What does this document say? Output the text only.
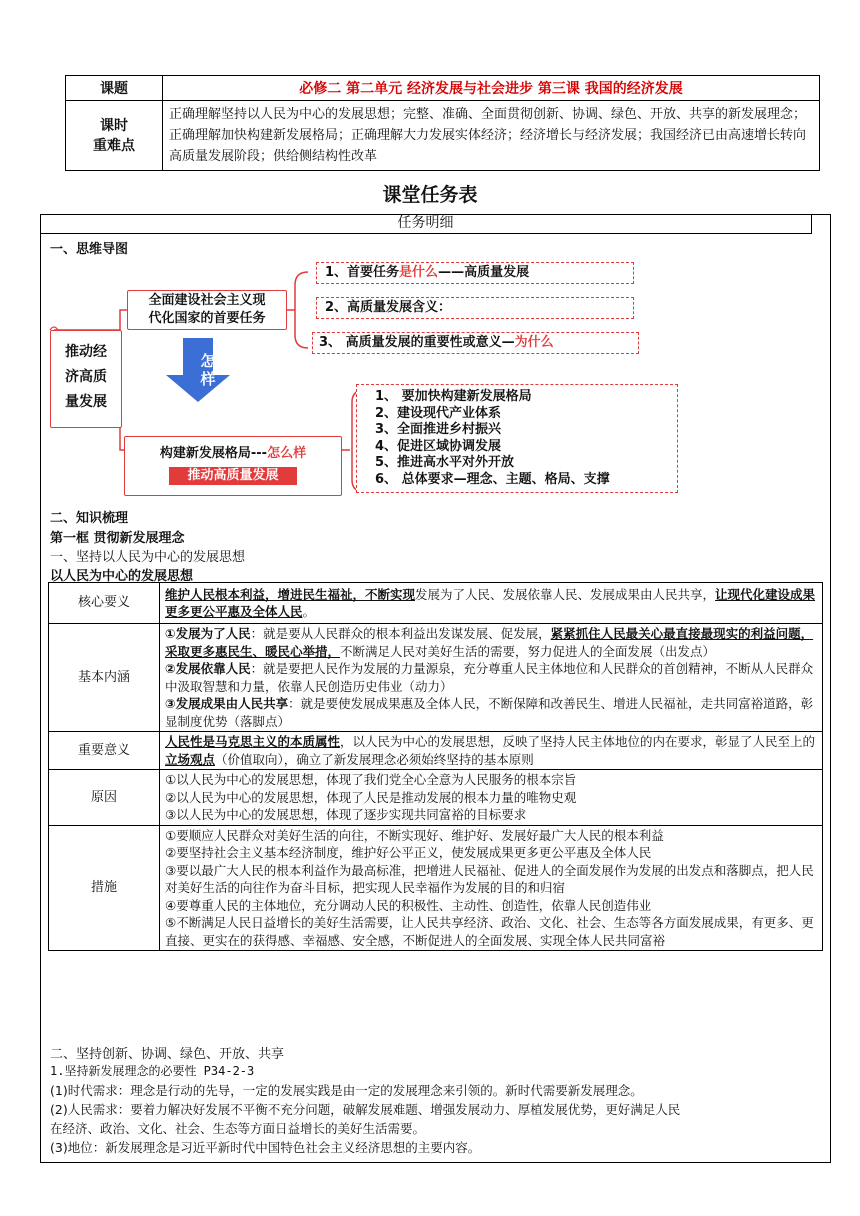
课题	必修二 第二单元 经济发展与社会进步 第三课 我国的经济发展

课时
重难点	正确理解坚持以人民为中心的发展思想；完整、准确、全面贯彻创新、协调、绿色、开放、共享的新发展理念；正确理解加快构建新发展格局；正确理解大力发展实体经济；经济增长与经济发展；我国经济已由高速增长转向高质量发展阶段；供给侧结构性改革
课堂任务表
任务明细
一、思维导图
推动经
济高质
量发展
全面建设社会主义现
代化国家的首要任务
1、首要任务是什么——高质量发展
2、高质量发展含义：
3、 高质量发展的重要性或意义—为什么
怎
样
构建新发展格局---怎么样
推动高质量发展
1、 要加快构建新发展格局
2、建设现代产业体系
3、全面推进乡村振兴
4、促进区域协调发展
5、推进高水平对外开放
6、 总体要求—理念、主题、格局、支撑
二、知识梳理
第一框 贯彻新发展理念
一、坚持以人民为中心的发展思想
以人民为中心的发展思想
核心要义	维护人民根本利益，增进民生福祉，不断实现发展为了人民、发展依靠人民、发展成果由人民共享，让现代化建设成果更多更公平惠及全体人民。
基本内涵	①发展为了人民：就是要从人民群众的根本利益出发谋发展、促发展，紧紧抓住人民最关心最直接最现实的利益问题，采取更多惠民生、暖民心举措，不断满足人民对美好生活的需要，努力促进人的全面发展（出发点）
②发展依靠人民：就是要把人民作为发展的力量源泉，充分尊重人民主体地位和人民群众的首创精神，不断从人民群众中汲取智慧和力量，依靠人民创造历史伟业（动力）
③发展成果由人民共享：就是要使发展成果惠及全体人民，不断保障和改善民生、增进人民福祉，走共同富裕道路，彰显制度优势（落脚点）

重要意义	人民性是马克思主义的本质属性，以人民为中心的发展思想，反映了坚持人民主体地位的内在要求，彰显了人民至上的立场观点（价值取向），确立了新发展理念必须始终坚持的基本原则
原因	①以人民为中心的发展思想，体现了我们党全心全意为人民服务的根本宗旨
②以人民为中心的发展思想，体现了人民是推动发展的根本力量的唯物史观
③以人民为中心的发展思想，体现了逐步实现共同富裕的目标要求

措施	①要顺应人民群众对美好生活的向往，不断实现好、维护好、发展好最广大人民的根本利益
②要坚持社会主义基本经济制度，维护好公平正义，使发展成果更多更公平惠及全体人民
③要以最广大人民的根本利益作为最高标准，把增进人民福祉、促进人的全面发展作为发展的出发点和落脚点，把人民对美好生活的向往作为奋斗目标，把实现人民幸福作为发展的目的和归宿
④要尊重人民的主体地位，充分调动人民的积极性、主动性、创造性，依靠人民创造伟业
⑤不断满足人民日益增长的美好生活需要，让人民共享经济、政治、文化、社会、生态等各方面发展成果，有更多、更直接、更实在的获得感、幸福感、安全感，不断促进人的全面发展、实现全体人民共同富裕
二、坚持创新、协调、绿色、开放、共享
1.坚持新发展理念的必要性 P34-2-3
(1)时代需求：理念是行动的先导，一定的发展实践是由一定的发展理念来引领的。新时代需要新发展理念。
(2)人民需求：要着力解决好发展不平衡不充分问题，破解发展难题、增强发展动力、厚植发展优势，更好满足人民
在经济、政治、文化、社会、生态等方面日益增长的美好生活需要。
(3)地位：新发展理念是习近平新时代中国特色社会主义经济思想的主要内容。
